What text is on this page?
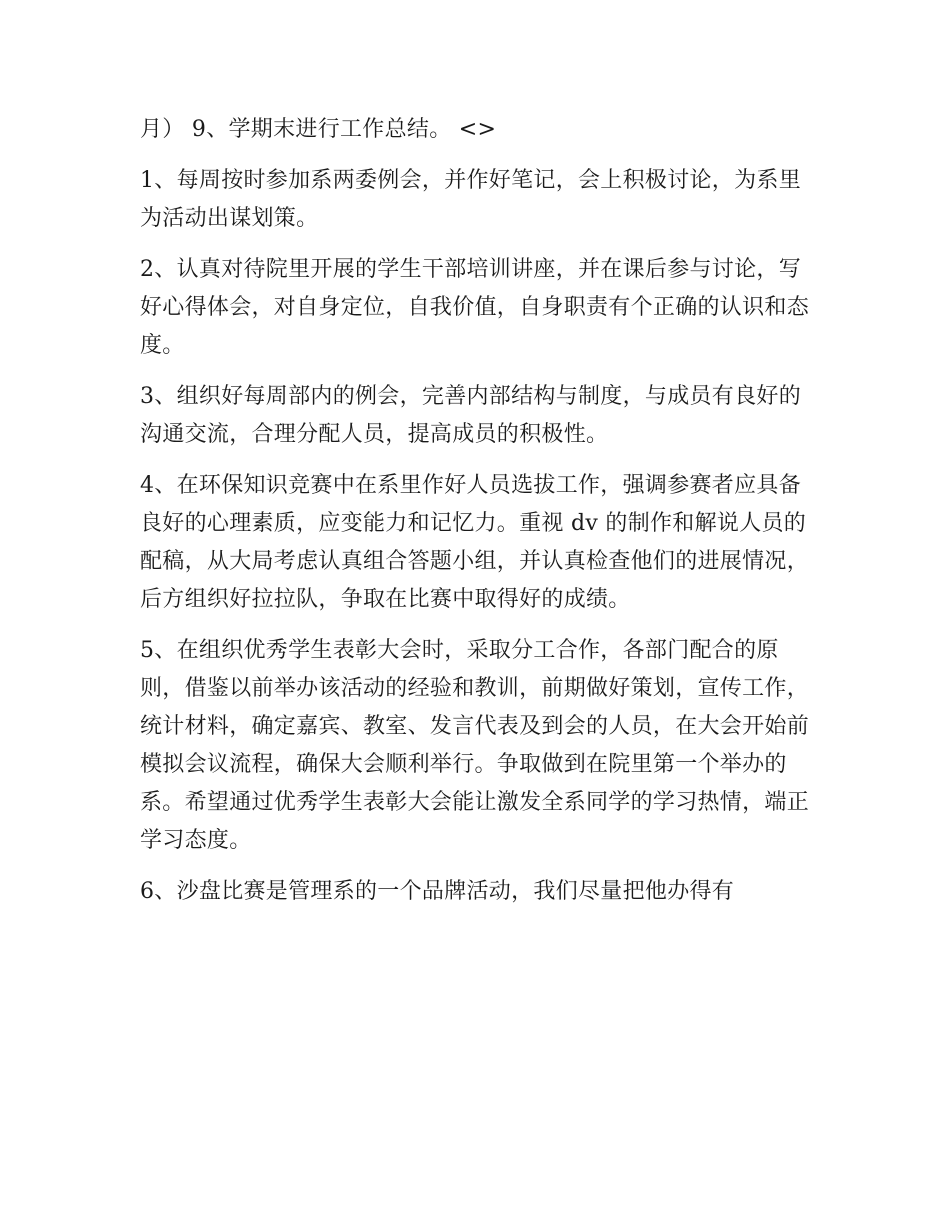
月） 9、学期末进行工作总结。 <>

1、每周按时参加系两委例会，并作好笔记，会上积极讨论，为系里为活动出谋划策。

2、认真对待院里开展的学生干部培训讲座，并在课后参与讨论，写好心得体会，对自身定位，自我价值，自身职责有个正确的认识和态度。

3、组织好每周部内的例会，完善内部结构与制度，与成员有良好的沟通交流，合理分配人员，提高成员的积极性。

4、在环保知识竞赛中在系里作好人员选拔工作，强调参赛者应具备良好的心理素质，应变能力和记忆力。重视 dv 的制作和解说人员的配稿，从大局考虑认真组合答题小组，并认真检查他们的进展情况，后方组织好拉拉队，争取在比赛中取得好的成绩。

5、在组织优秀学生表彰大会时，采取分工合作，各部门配合的原则，借鉴以前举办该活动的经验和教训，前期做好策划，宣传工作，统计材料，确定嘉宾、教室、发言代表及到会的人员，在大会开始前模拟会议流程，确保大会顺利举行。争取做到在院里第一个举办的系。希望通过优秀学生表彰大会能让激发全系同学的学习热情，端正学习态度。

6、沙盘比赛是管理系的一个品牌活动，我们尽量把他办得有
